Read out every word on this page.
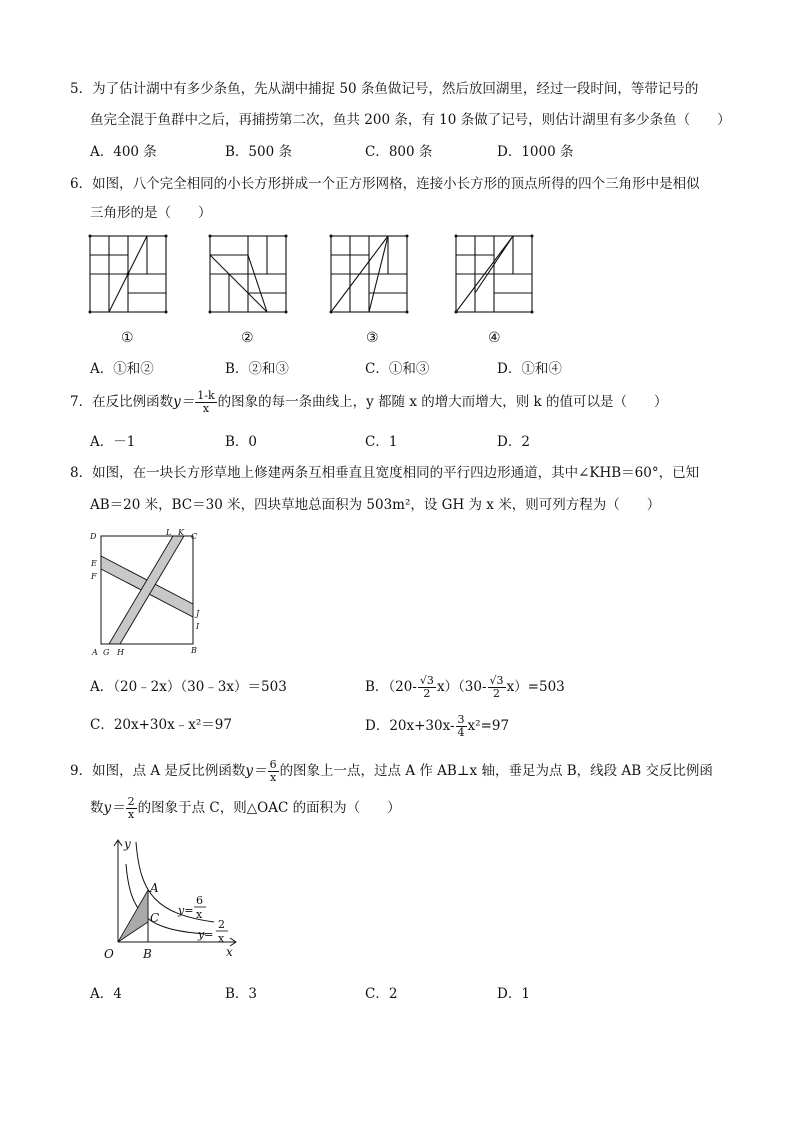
5．为了估计湖中有多少条鱼，先从湖中捕捉 50 条鱼做记号，然后放回湖里，经过一段时间，等带记号的
鱼完全混于鱼群中之后，再捕捞第二次，鱼共 200 条，有 10 条做了记号，则估计湖里有多少条鱼（　　）
A．400 条	B．500 条	C．800 条	D．1000 条
6．如图，八个完全相同的小长方形拼成一个正方形网格，连接小长方形的顶点所得的四个三角形中是相似
三角形的是（　　）
①	②	③	④
A．①和②	B．②和③	C．①和③	D．①和④
7．在反比例函数$y= \frac{1-k}{x}$ 的图象的每一条曲线上，y 都随 x 的增大而增大，则 k 的值可以是（　　）
A．－1	B．0	C．1	D．2
8．如图，在一块长方形草地上修建两条互相垂直且宽度相同的平行四边形通道，其中∠KHB＝60°，已知
AB＝20 米，BC＝30 米，四块草地总面积为 503m²，设 GH 为 x 米，则可列方程为（　　）
D	L K C
E
F
J
I
A G H	B
A．（20﹣2x）（30﹣3x）＝503	B．$(20- \frac{√3}{2} x)(30- \frac{√3}{2} x)=503$
C．20x+30x﹣x²＝97	D．$20x+30x- \frac{3}{4} x^2=97$
9．如图，点 A 是反比例函数$y= \frac{6}{x}$ 的图象上一点，过点 A 作 AB⊥x 轴，垂足为点 B，线段 AB 交反比例函
数$y= \frac{2}{x}$ 的图象于点 C，则△OAC 的面积为（　　）
y
x
O
A
B
C
y=
6
x
y=
2
x
A．4	B．3	C．2	D．1
